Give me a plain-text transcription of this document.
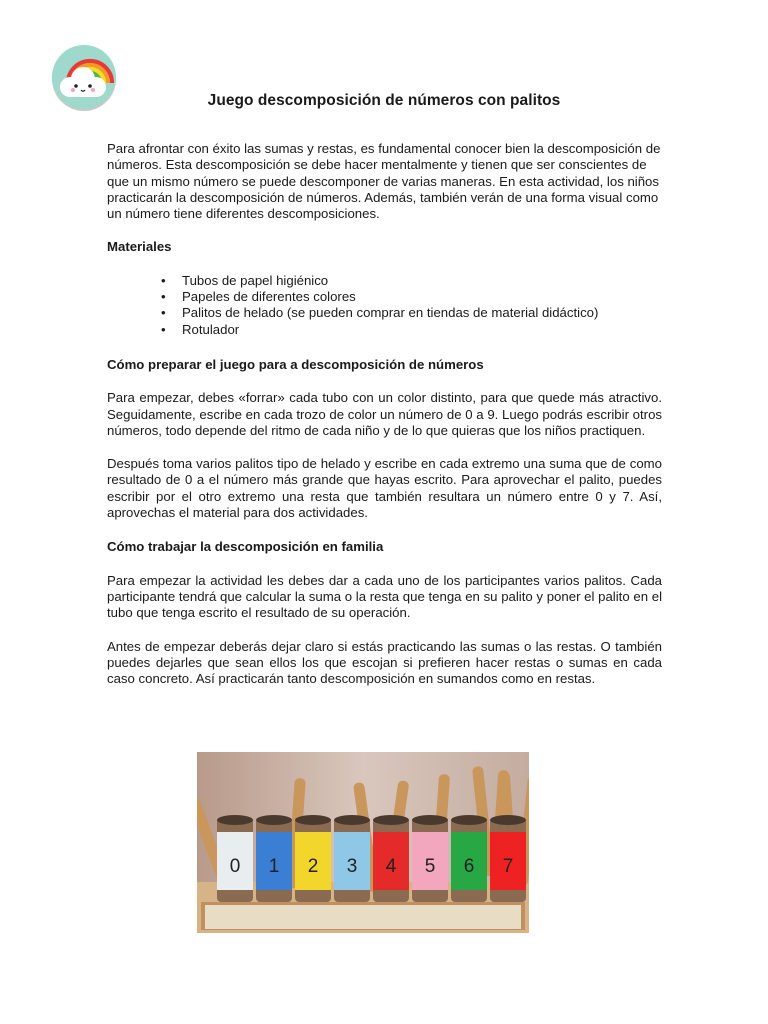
Juego descomposición de números con palitos

Para afrontar con éxito las sumas y restas, es fundamental conocer bien la descomposición de números. Esta descomposición se debe hacer mentalmente y tienen que ser conscientes de que un mismo número se puede descomponer de varias maneras. En esta actividad, los niños practicarán la descomposición de números. Además, también verán de una forma visual como un número tiene diferentes descomposiciones.

Materiales

• Tubos de papel higiénico
• Papeles de diferentes colores
• Palitos de helado (se pueden comprar en tiendas de material didáctico)
• Rotulador

Cómo preparar el juego para a descomposición de números

Para empezar, debes «forrar» cada tubo con un color distinto, para que quede más atractivo. Seguidamente, escribe en cada trozo de color un número de 0 a 9. Luego podrás escribir otros números, todo depende del ritmo de cada niño y de lo que quieras que los niños practiquen.

Después toma varios palitos tipo de helado y escribe en cada extremo una suma que de como resultado de 0 a el número más grande que hayas escrito. Para aprovechar el palito, puedes escribir por el otro extremo una resta que también resultara un número entre 0 y 7. Así, aprovechas el material para dos actividades.

Cómo trabajar la descomposición en familia

Para empezar la actividad les debes dar a cada uno de los participantes varios palitos. Cada participante tendrá que calcular la suma o la resta que tenga en su palito y poner el palito en el tubo que tenga escrito el resultado de su operación.

Antes de empezar deberás dejar claro si estás practicando las sumas o las restas. O también puedes dejarles que sean ellos los que escojan si prefieren hacer restas o sumas en cada caso concreto. Así practicarán tanto descomposición en sumandos como en restas.

0 1 2 3 4 5 6 7
